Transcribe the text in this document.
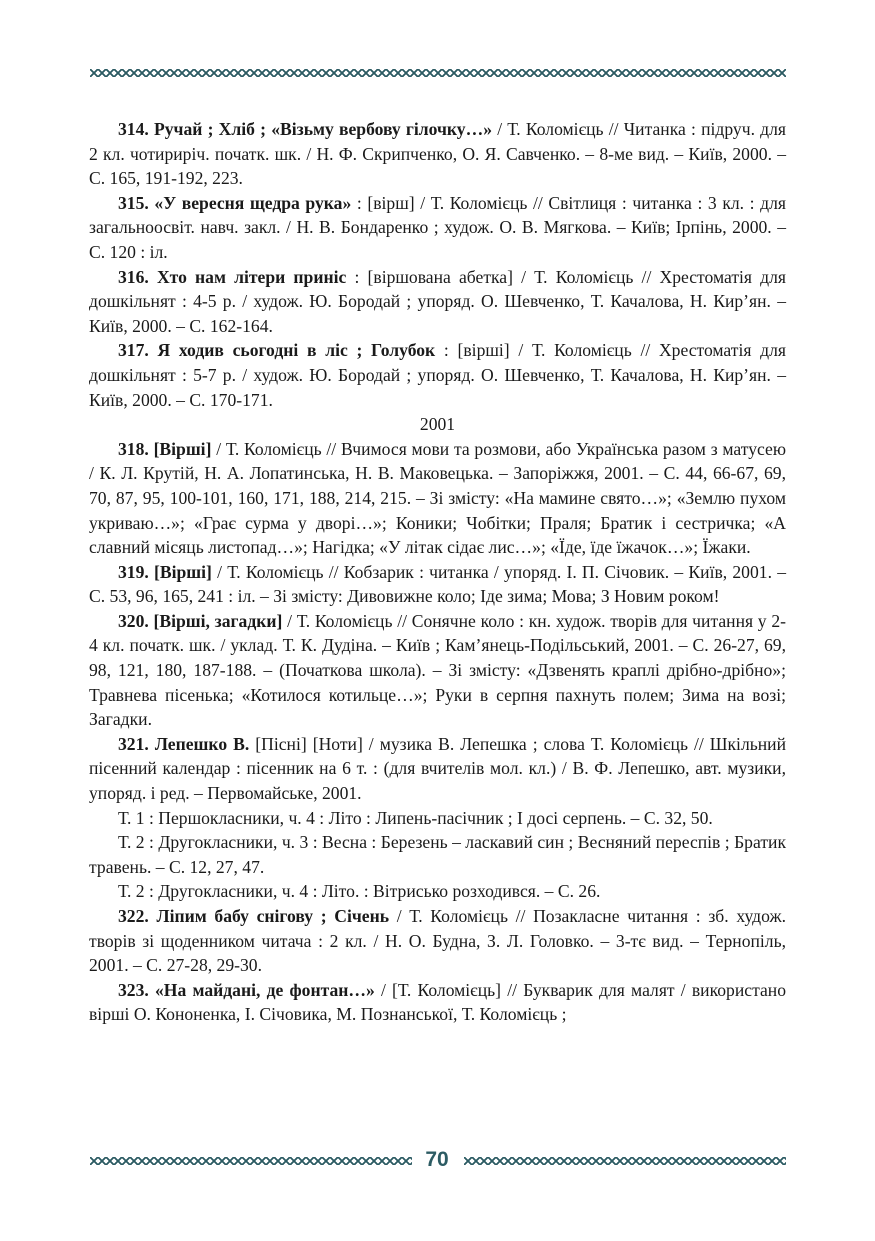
314. Ручай ; Хліб ; «Візьму вербову гілочку…» / Т. Коломієць // Читанка : підруч. для 2 кл. чотирирiч. початк. шк. / Н. Ф. Скрипченко, О. Я. Савченко. – 8-ме вид. – Київ, 2000. – С. 165, 191-192, 223.

315. «У вересня щедра рука» : [вірш] / Т. Коломієць // Світлиця : читанка : 3 кл. : для загальноосвіт. навч. закл. / Н. В. Бондаренко ; худож. О. В. Мягкова. – Київ; Ірпінь, 2000. – С. 120 : іл.

316. Хто нам літери приніс : [віршована абетка] / Т. Коломієць // Хрестоматія для дошкільнят : 4-5 р. / худож. Ю. Бородай ; упоряд. О. Шевченко, Т. Качалова, Н. Кир’ян. – Київ, 2000. – С. 162-164.

317. Я ходив сьогодні в ліс ; Голубок : [вірші] / Т. Коломієць // Хрестоматія для дошкільнят : 5-7 р. / худож. Ю. Бородай ; упоряд. О. Шевченко, Т. Качалова, Н. Кир’ян. – Київ, 2000. – С. 170-171.

2001

318. [Вірші] / Т. Коломієць // Вчимося мови та розмови, або Українська разом з матусею / К. Л. Крутій, Н. А. Лопатинська, Н. В. Маковецька. – Запоріжжя, 2001. – С. 44, 66-67, 69, 70, 87, 95, 100-101, 160, 171, 188, 214, 215. – Зі змісту: «На мамине свято…»; «Землю пухом укриваю…»; «Грає сурма у дворі…»; Коники; Чобітки; Праля; Братик і сестричка; «А славний місяць листопад…»; Нагідка; «У літак сідає лис…»; «Їде, їде їжачок…»; Їжаки.

319. [Вірші] / Т. Коломієць // Кобзарик : читанка / упоряд. І. П. Січовик. – Київ, 2001. – С. 53, 96, 165, 241 : іл. – Зі змісту: Дивовижне коло; Іде зима; Мова; З Новим роком!

320. [Вірші, загадки] / Т. Коломієць // Сонячне коло : кн. худож. творів для читання у 2-4 кл. початк. шк. / уклад. Т. К. Дудіна. – Київ ; Кам’янець-Подільський, 2001. – С. 26-27, 69, 98, 121, 180, 187-188. – (Початкова школа). – Зі змісту: «Дзвенять краплі дрібно-дрібно»; Травнева пісенька; «Котилося котильце…»; Руки в серпня пахнуть полем; Зима на возі; Загадки.

321. Лепешко В. [Пісні] [Ноти] / музика В. Лепешка ; слова Т. Коломієць // Шкільний пісенний календар : пісенник на 6 т. : (для вчителів мол. кл.) / В. Ф. Лепешко, авт. музики, упоряд. і ред. – Первомайське, 2001.

Т. 1 : Першокласники, ч. 4 : Літо : Липень-пасічник ; І досі серпень. – С. 32, 50.

Т. 2 : Другокласники, ч. 3 : Весна : Березень – ласкавий син ; Весняний переспів ; Братик травень. – С. 12, 27, 47.

Т. 2 : Другокласники, ч. 4 : Літо. : Вітрисько розходився. – С. 26.

322. Ліпим бабу снігову ; Січень / Т. Коломієць // Позакласне читання : зб. худож. творів зі щоденником читача : 2 кл. / Н. О. Будна, З. Л. Головко. – 3-тє вид. – Тернопіль, 2001. – С. 27-28, 29-30.

323. «На майдані, де фонтан…» / [Т. Коломієць] // Букварик для малят / використано вірші О. Кононенка, І. Січовика, М. Познанської, Т. Коломієць ;

70
